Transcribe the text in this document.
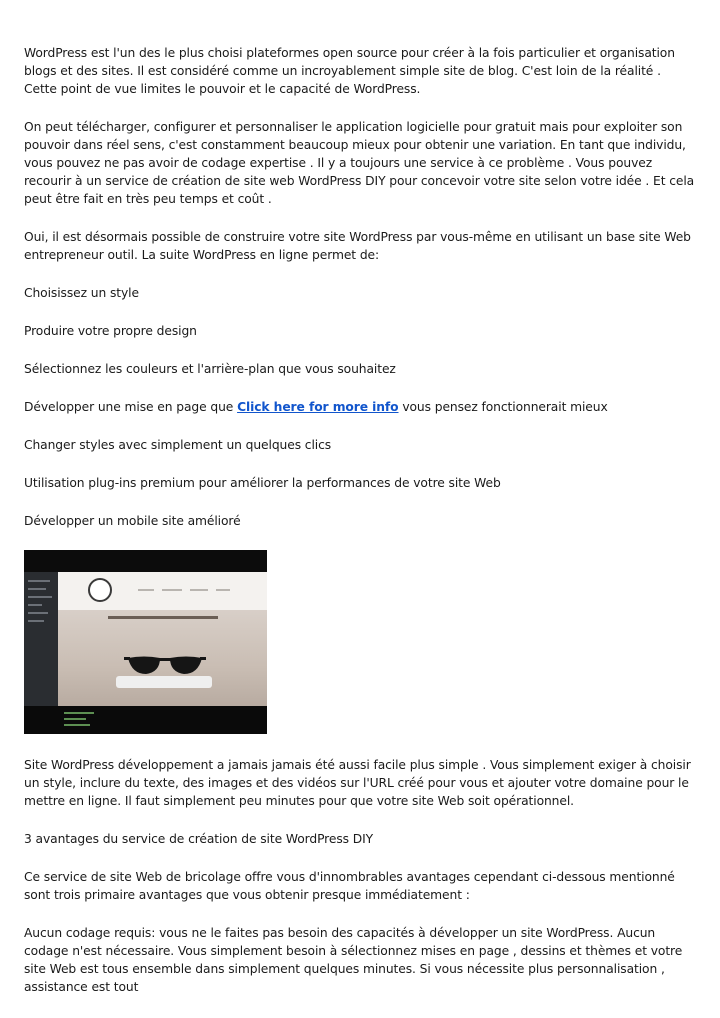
WordPress est l'un des le plus choisi plateformes open source pour créer à la fois particulier et organisation blogs et des sites. Il est considéré comme un incroyablement simple site de blog. C'est loin de la réalité . Cette point de vue limites le pouvoir et le capacité de WordPress.

On peut télécharger, configurer et personnaliser le application logicielle pour gratuit mais pour exploiter son pouvoir dans réel sens, c'est constamment beaucoup mieux pour obtenir une variation. En tant que individu, vous pouvez ne pas avoir de codage expertise . Il y a toujours une service à ce problème . Vous pouvez recourir à un service de création de site web WordPress DIY pour concevoir votre site selon votre idée . Et cela peut être fait en très peu temps et coût .

Oui, il est désormais possible de construire votre site WordPress par vous-même en utilisant un base site Web entrepreneur outil. La suite WordPress en ligne permet de:

Choisissez un style

Produire votre propre design

Sélectionnez les couleurs et l'arrière-plan que vous souhaitez

Développer une mise en page que Click here for more info vous pensez fonctionnerait mieux

Changer styles avec simplement un quelques clics

Utilisation plug-ins premium pour améliorer la performances de votre site Web

Développer un mobile site amélioré

Site WordPress développement a jamais jamais été aussi facile plus simple . Vous simplement exiger à choisir un style, inclure du texte, des images et des vidéos sur l'URL créé pour vous et ajouter votre domaine pour le mettre en ligne. Il faut simplement peu minutes pour que votre site Web soit opérationnel.

3 avantages du service de création de site WordPress DIY

Ce service de site Web de bricolage offre vous d'innombrables avantages cependant ci-dessous mentionné sont trois primaire avantages que vous obtenir presque immédiatement :

Aucun codage requis: vous ne le faites pas besoin des capacités à développer un site WordPress. Aucun codage n'est nécessaire. Vous simplement besoin à sélectionnez mises en page , dessins et thèmes et votre site Web est tous ensemble dans simplement quelques minutes. Si vous nécessite plus personnalisation , assistance est tout
